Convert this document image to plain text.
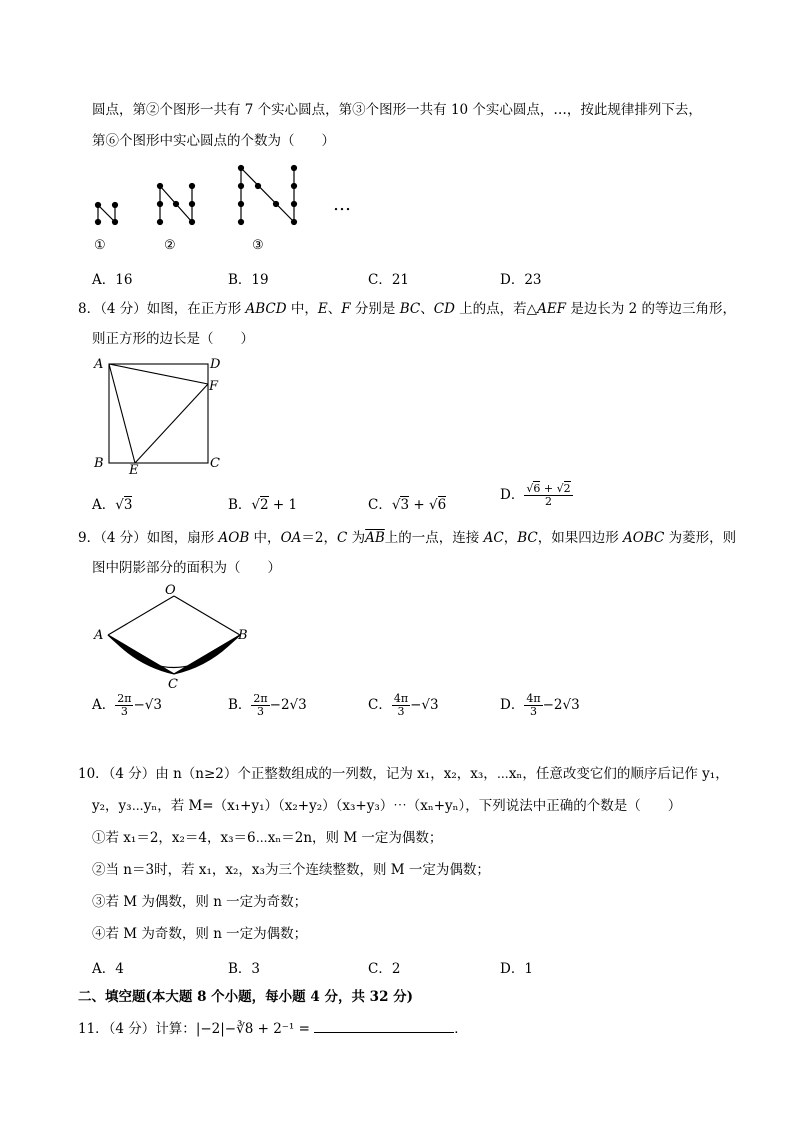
圆点，第②个图形一共有 7 个实心圆点，第③个图形一共有 10 个实心圆点，…，按此规律排列下去，
第⑥个图形中实心圆点的个数为（　　）
…
①	②	③
A．16	B．19	C．21	D．23
8．（4 分）如图，在正方形 ABCD 中，E、F 分别是 BC、CD 上的点，若△AEF 是边长为 2 的等边三角形，
则正方形的边长是（　　）
A	D
F
B	C
E
A．√3	B．√2 + 1	C．√3 + √6
D． $\frac{√6 + √2}{2}$
9．（4 分）如图，扇形 AOB 中，OA＝2，C 为$\overline{AB}$上的一点，连接 AC，BC，如果四边形 AOBC 为菱形，则
图中阴影部分的面积为（　　）
O
A	B
C
A． $\frac{2\pi}{3} -√3$	B． $\frac{2\pi}{3} -2√3$	C． $\frac{4\pi}{3} -√3$	D． $\frac{4\pi}{3} -2√3$
10．（4 分）由 n（n≥2）个正整数组成的一列数，记为 x₁，x₂，x₃，⋯xₙ，任意改变它们的顺序后记作 y₁，
y₂，y₃⋯yₙ，若 M=（x₁+y₁）（x₂+y₂）（x₃+y₃）⋯（xₙ+yₙ），下列说法中正确的个数是（　　）
①若 x₁＝2，x₂＝4，x₃＝6⋯xₙ＝2n，则 M 一定为偶数；
②当 n＝3时，若 x₁，x₂，x₃为三个连续整数，则 M 一定为偶数；
③若 M 为偶数，则 n 一定为奇数；
④若 M 为奇数，则 n 一定为偶数；
A．4	B．3	C．2	D．1
二、填空题(本大题 8 个小题，每小题 4 分，共 32 分)
11．（4 分）计算：|−2|−∛8 + 2⁻¹ =	．
